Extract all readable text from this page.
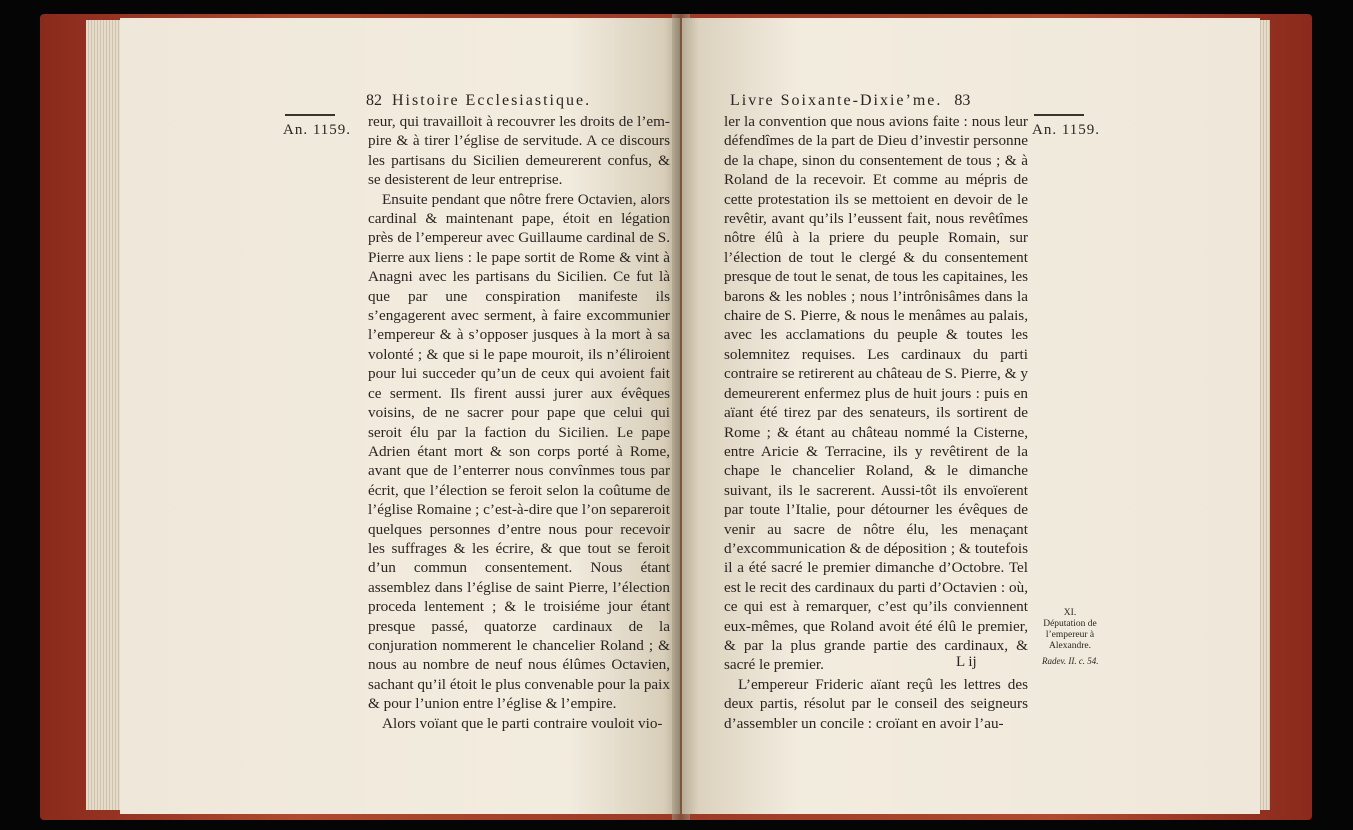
82 Histoire Ecclesiastique.
An. 1159. reur, qui travailloit à recouvrer les droits de l’em-pire & à tirer l’église de servitude. A ce discours les partisans du Sicilien demeurerent confus, & se desisterent de leur entreprise.

Ensuite pendant que nôtre frere Octavien, alors cardinal & maintenant pape, étoit en légation près de l’empereur avec Guillaume cardinal de S. Pierre aux liens : le pape sortit de Rome & vint à Anagni avec les partisans du Sicilien. Ce fut là que par une conspiration manifeste ils s’engagerent avec serment, à faire excommunier l’empereur & à s’opposer jusques à la mort à sa volonté ; & que si le pape mouroit, ils n’éliroient pour lui succeder qu’un de ceux qui avoient fait ce serment. Ils firent aussi jurer aux évêques voisins, de ne sacrer pour pape que celui qui seroit élu par la faction du Sicilien. Le pape Adrien étant mort & son corps porté à Rome, avant que de l’enterrer nous convînmes tous par écrit, que l’élection se feroit selon la coûtume de l’église Romaine ; c’est-à-dire que l’on separeroit quelques personnes d’entre nous pour recevoir les suffrages & les écrire, & que tout se feroit d’un commun consentement. Nous étant assemblez dans l’église de saint Pierre, l’élection proceda lentement ; & le troisiéme jour étant presque passé, quatorze cardinaux de la conjuration nommerent le chancelier Roland ; & nous au nombre de neuf nous élûmes Octavien, sachant qu’il étoit le plus convenable pour la paix & pour l’union entre l’église & l’empire.

Alors voïant que le parti contraire vouloit vio-

Livre Soixante-Dixie’me. 83
An. 1159.

ler la convention que nous avions faite : nous leur défendîmes de la part de Dieu d’investir personne de la chape, sinon du consentement de tous ; & à Roland de la recevoir. Et comme au mépris de cette protestation ils se mettoient en devoir de le revêtir, avant qu’ils l’eussent fait, nous revêtîmes nôtre élû à la priere du peuple Romain, sur l’élection de tout le clergé & du consentement presque de tout le senat, de tous les capitaines, les barons & les nobles ; nous l’intrônisâmes dans la chaire de S. Pierre, & nous le menâmes au palais, avec les acclamations du peuple & toutes les solemnitez requises. Les cardinaux du parti contraire se retirerent au château de S. Pierre, & y demeurerent enfermez plus de huit jours : puis en aïant été tirez par des senateurs, ils sortirent de Rome ; & étant au château nommé la Cisterne, entre Aricie & Terracine, ils y revêtirent de la chape le chancelier Roland, & le dimanche suivant, ils le sacrerent. Aussi-tôt ils envoïerent par toute l’Italie, pour détourner les évêques de venir au sacre de nôtre élu, les menaçant d’excommunication & de déposition ; & toutefois il a été sacré le premier dimanche d’Octobre. Tel est le recit des cardinaux du parti d’Octavien : où, ce qui est à remarquer, c’est qu’ils conviennent eux-mêmes, que Roland avoit été élû le premier, & par la plus grande partie des cardinaux, & sacré le premier.

L’empereur Frideric aïant reçû les lettres des deux partis, résolut par le conseil des seigneurs d’assembler un concile : croïant en avoir l’au-

L ij
XI.
Députation de l’empereur à Alexandre.
Radev. II. c. 54.
